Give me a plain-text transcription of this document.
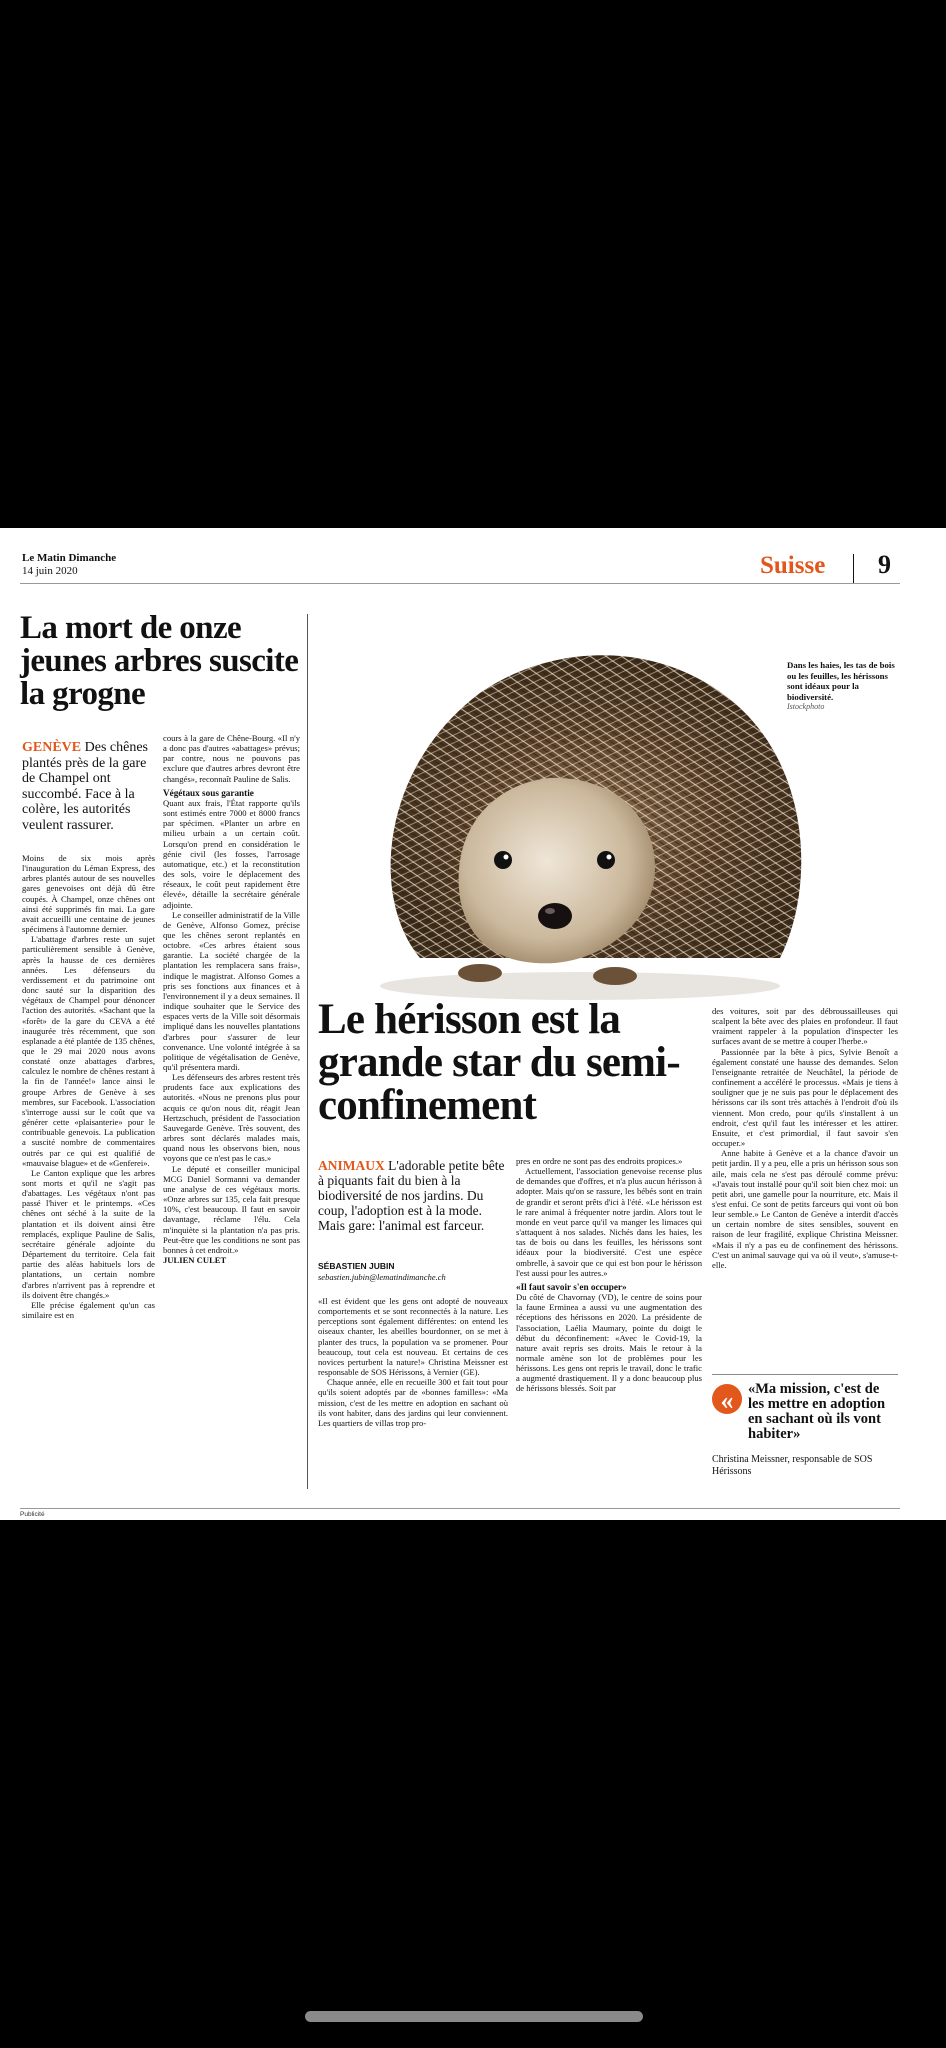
Le Matin Dimanche
14 juin 2020	Suisse 9
La mort de onze jeunes arbres suscite la grogne
GENÈVE Des chênes plantés près de la gare de Champel ont succombé. Face à la colère, les autorités veulent rassurer.

Moins de six mois après l'inauguration du Léman Express, des arbres plantés autour de ses nouvelles gares genevoises ont déjà dû être coupés. À Champel, onze chênes ont ainsi été supprimés fin mai. La gare avait accueilli une centaine de jeunes spécimens à l'automne dernier.

L'abattage d'arbres reste un sujet particulièrement sensible à Genève, après la hausse de ces dernières années. Les défenseurs du verdissement et du patrimoine ont donc sauté sur la disparition des végétaux de Champel pour dénoncer l'action des autorités. «Sachant que la «forêt» de la gare du CEVA a été inaugurée très récemment, que son esplanade a été plantée de 135 chênes, que le 29 mai 2020 nous avons constaté onze abattages d'arbres, calculez le nombre de chênes restant à la fin de l'année!» lance ainsi le groupe Arbres de Genève à ses membres, sur Facebook. L'association s'interroge aussi sur le coût que va générer cette «plaisanterie» pour le contribuable genevois. La publication a suscité nombre de commentaires outrés par ce qui est qualifié de «mauvaise blague» et de «Genferei».

Le Canton explique que les arbres sont morts et qu'il ne s'agit pas d'abattages. Les végétaux n'ont pas passé l'hiver et le printemps. «Ces chênes ont séché à la suite de la plantation et ils doivent ainsi être remplacés, explique Pauline de Salis, secrétaire générale adjointe du Département du territoire. Cela fait partie des aléas habituels lors de plantations, un certain nombre d'arbres n'arrivent pas à reprendre et ils doivent être changés.»

Elle précise également qu'un cas similaire est en

cours à la gare de Chêne-Bourg. «Il n'y a donc pas d'autres «abattages» prévus; par contre, nous ne pouvons pas exclure que d'autres arbres devront être changés», reconnaît Pauline de Salis.

Végétaux sous garantie

Quant aux frais, l'État rapporte qu'ils sont estimés entre 7000 et 8000 francs par spécimen. «Planter un arbre en milieu urbain a un certain coût. Lorsqu'on prend en considération le génie civil (les fosses, l'arrosage automatique, etc.) et la reconstitution des sols, voire le déplacement des réseaux, le coût peut rapidement être élevé», détaille la secrétaire générale adjointe.

Le conseiller administratif de la Ville de Genève, Alfonso Gomez, précise que les chênes seront replantés en octobre. «Ces arbres étaient sous garantie. La société chargée de la plantation les remplacera sans frais», indique le magistrat. Alfonso Gomes a pris ses fonctions aux finances et à l'environnement il y a deux semaines. Il indique souhaiter que le Service des espaces verts de la Ville soit désormais impliqué dans les nouvelles plantations d'arbres pour s'assurer de leur convenance. Une volonté intégrée à sa politique de végétalisation de Genève, qu'il présentera mardi.

Les défenseurs des arbres restent très prudents face aux explications des autorités. «Nous ne prenons plus pour acquis ce qu'on nous dit, réagit Jean Hertzschuch, président de l'association Sauvegarde Genève. Très souvent, des arbres sont déclarés malades mais, quand nous les observons bien, nous voyons que ce n'est pas le cas.»

Le député et conseiller municipal MCG Daniel Sormanni va demander une analyse de ces végétaux morts. «Onze arbres sur 135, cela fait presque 10%, c'est beaucoup. Il faut en savoir davantage, réclame l'élu. Cela m'inquiète si la plantation n'a pas pris. Peut-être que les conditions ne sont pas bonnes à cet endroit.»

JULIEN CULET

Dans les haies, les tas de bois ou les feuilles, les hérissons sont idéaux pour la biodiversité.
Istockphoto
Le hérisson est la grande star du semi-confinement
ANIMAUX L'adorable petite bête à piquants fait du bien à la biodiversité de nos jardins. Du coup, l'adoption est à la mode. Mais gare: l'animal est farceur.
SÉBASTIEN JUBIN
sebastien.jubin@lematindimanche.ch

«Il est évident que les gens ont adopté de nouveaux comportements et se sont reconnectés à la nature. Les perceptions sont également différentes: on entend les oiseaux chanter, les abeilles bourdonner, on se met à planter des trucs, la population va se promener. Pour beaucoup, tout cela est nouveau. Et certains de ces novices perturbent la nature!» Christina Meissner est responsable de SOS Hérissons, à Vernier (GE).

Chaque année, elle en recueille 300 et fait tout pour qu'ils soient adoptés par de «bonnes familles»: «Ma mission, c'est de les mettre en adoption en sachant où ils vont habiter, dans des jardins qui leur conviennent. Les quartiers de villas trop pro-

pres en ordre ne sont pas des endroits propices.»

Actuellement, l'association genevoise recense plus de demandes que d'offres, et n'a plus aucun hérisson à adopter. Mais qu'on se rassure, les bébés sont en train de grandir et seront prêts d'ici à l'été. «Le hérisson est le rare animal à fréquenter notre jardin. Alors tout le monde en veut parce qu'il va manger les limaces qui s'attaquent à nos salades. Nichés dans les haies, les tas de bois ou dans les feuilles, les hérissons sont idéaux pour la biodiversité. C'est une espèce ombrelle, à savoir que ce qui est bon pour le hérisson l'est aussi pour les autres.»

«Il faut savoir s'en occuper»

Du côté de Chavornay (VD), le centre de soins pour la faune Erminea a aussi vu une augmentation des réceptions des hérissons en 2020. La présidente de l'association, Laélia Maumary, pointe du doigt le début du déconfinement: «Avec le Covid-19, la nature avait repris ses droits. Mais le retour à la normale amène son lot de problèmes pour les hérissons. Les gens ont repris le travail, donc le trafic a augmenté drastiquement. Il y a donc beaucoup plus de hérissons blessés. Soit par

des voitures, soit par des débroussailleuses qui scalpent la bête avec des plaies en profondeur. Il faut vraiment rappeler à la population d'inspecter les surfaces avant de se mettre à couper l'herbe.»

Passionnée par la bête à pics, Sylvie Benoît a également constaté une hausse des demandes. Selon l'enseignante retraitée de Neuchâtel, la période de confinement a accéléré le processus. «Mais je tiens à souligner que je ne suis pas pour le déplacement des hérissons car ils sont très attachés à l'endroit d'où ils viennent. Mon credo, pour qu'ils s'installent à un endroit, c'est qu'il faut les intéresser et les attirer. Ensuite, et c'est primordial, il faut savoir s'en occuper.»

Anne habite à Genève et a la chance d'avoir un petit jardin. Il y a peu, elle a pris un hérisson sous son aile, mais cela ne s'est pas déroulé comme prévu: «J'avais tout installé pour qu'il soit bien chez moi: un petit abri, une gamelle pour la nourriture, etc. Mais il s'est enfui. Ce sont de petits farceurs qui vont où bon leur semble.» Le Canton de Genève a interdit d'accès un certain nombre de sites sensibles, souvent en raison de leur fragilité, explique Christina Meissner. «Mais il n'y a pas eu de confinement des hérissons. C'est un animal sauvage qui va où il veut», s'amuse-t-elle.

«	«Ma mission, c'est de les mettre en adoption en sachant où ils vont habiter»
Christina Meissner, responsable de SOS Hérissons
Publicité
